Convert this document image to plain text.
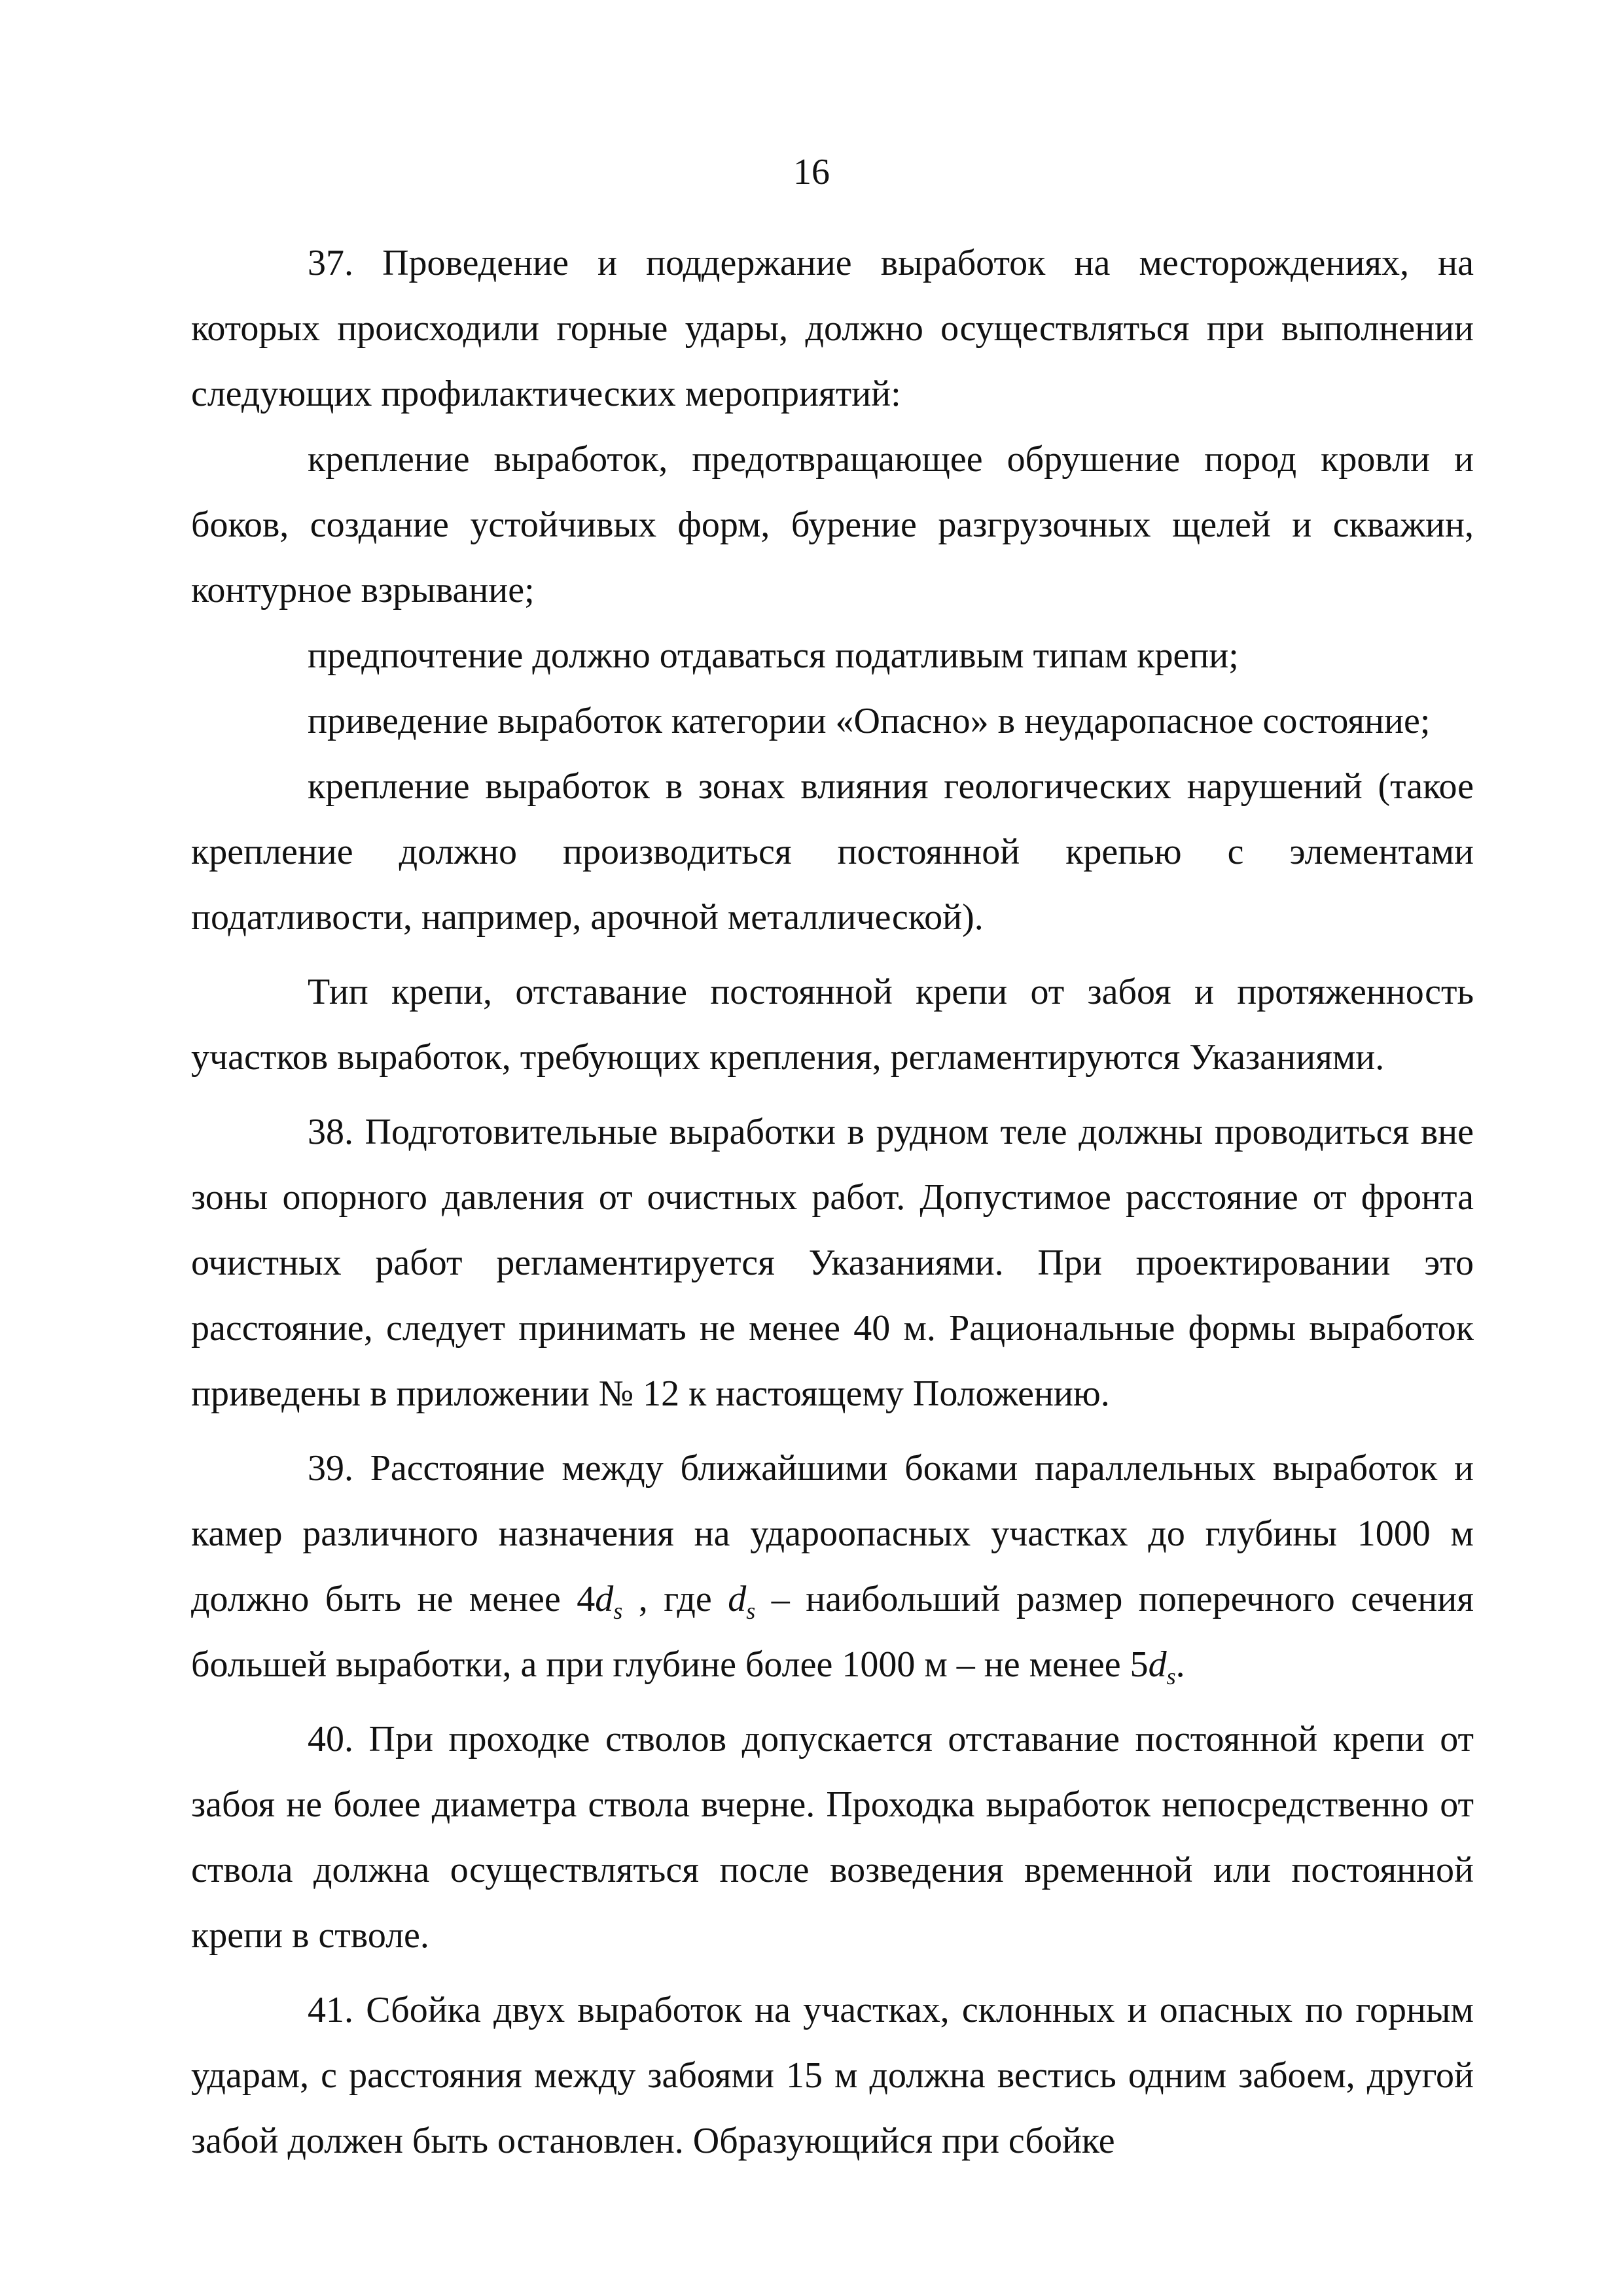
16

37. Проведение и поддержание выработок на месторождениях, на которых происходили горные удары, должно осуществляться при выполнении следующих профилактических мероприятий:

крепление выработок, предотвращающее обрушение пород кровли и боков, создание устойчивых форм, бурение разгрузочных щелей и скважин, контурное взрывание;

предпочтение должно отдаваться податливым типам крепи;

приведение выработок категории «Опасно» в неударопасное состояние;

крепление выработок в зонах влияния геологических нарушений (такое крепление должно производиться постоянной крепью с элементами податливости, например, арочной металлической).

Тип крепи, отставание постоянной крепи от забоя и протяженность участков выработок, требующих крепления, регламентируются Указаниями.

38. Подготовительные выработки в рудном теле должны проводиться вне зоны опорного давления от очистных работ. Допустимое расстояние от фронта очистных работ регламентируется Указаниями. При проектировании это расстояние, следует принимать не менее 40 м. Рациональные формы выработок приведены в приложении № 12 к настоящему Положению.

39. Расстояние между ближайшими боками параллельных выработок и камер различного назначения на удароопасных участках до глубины 1000 м должно быть не менее $4d_s$ , где $d_s$ – наибольший размер поперечного сечения большей выработки, а при глубине более 1000 м – не менее $5d_s$.

40. При проходке стволов допускается отставание постоянной крепи от забоя не более диаметра ствола вчерне. Проходка выработок непосредственно от ствола должна осуществляться после возведения временной или постоянной крепи в стволе.

41. Сбойка двух выработок на участках, склонных и опасных по горным ударам, с расстояния между забоями 15 м должна вестись одним забоем, другой забой должен быть остановлен. Образующийся при сбойке
